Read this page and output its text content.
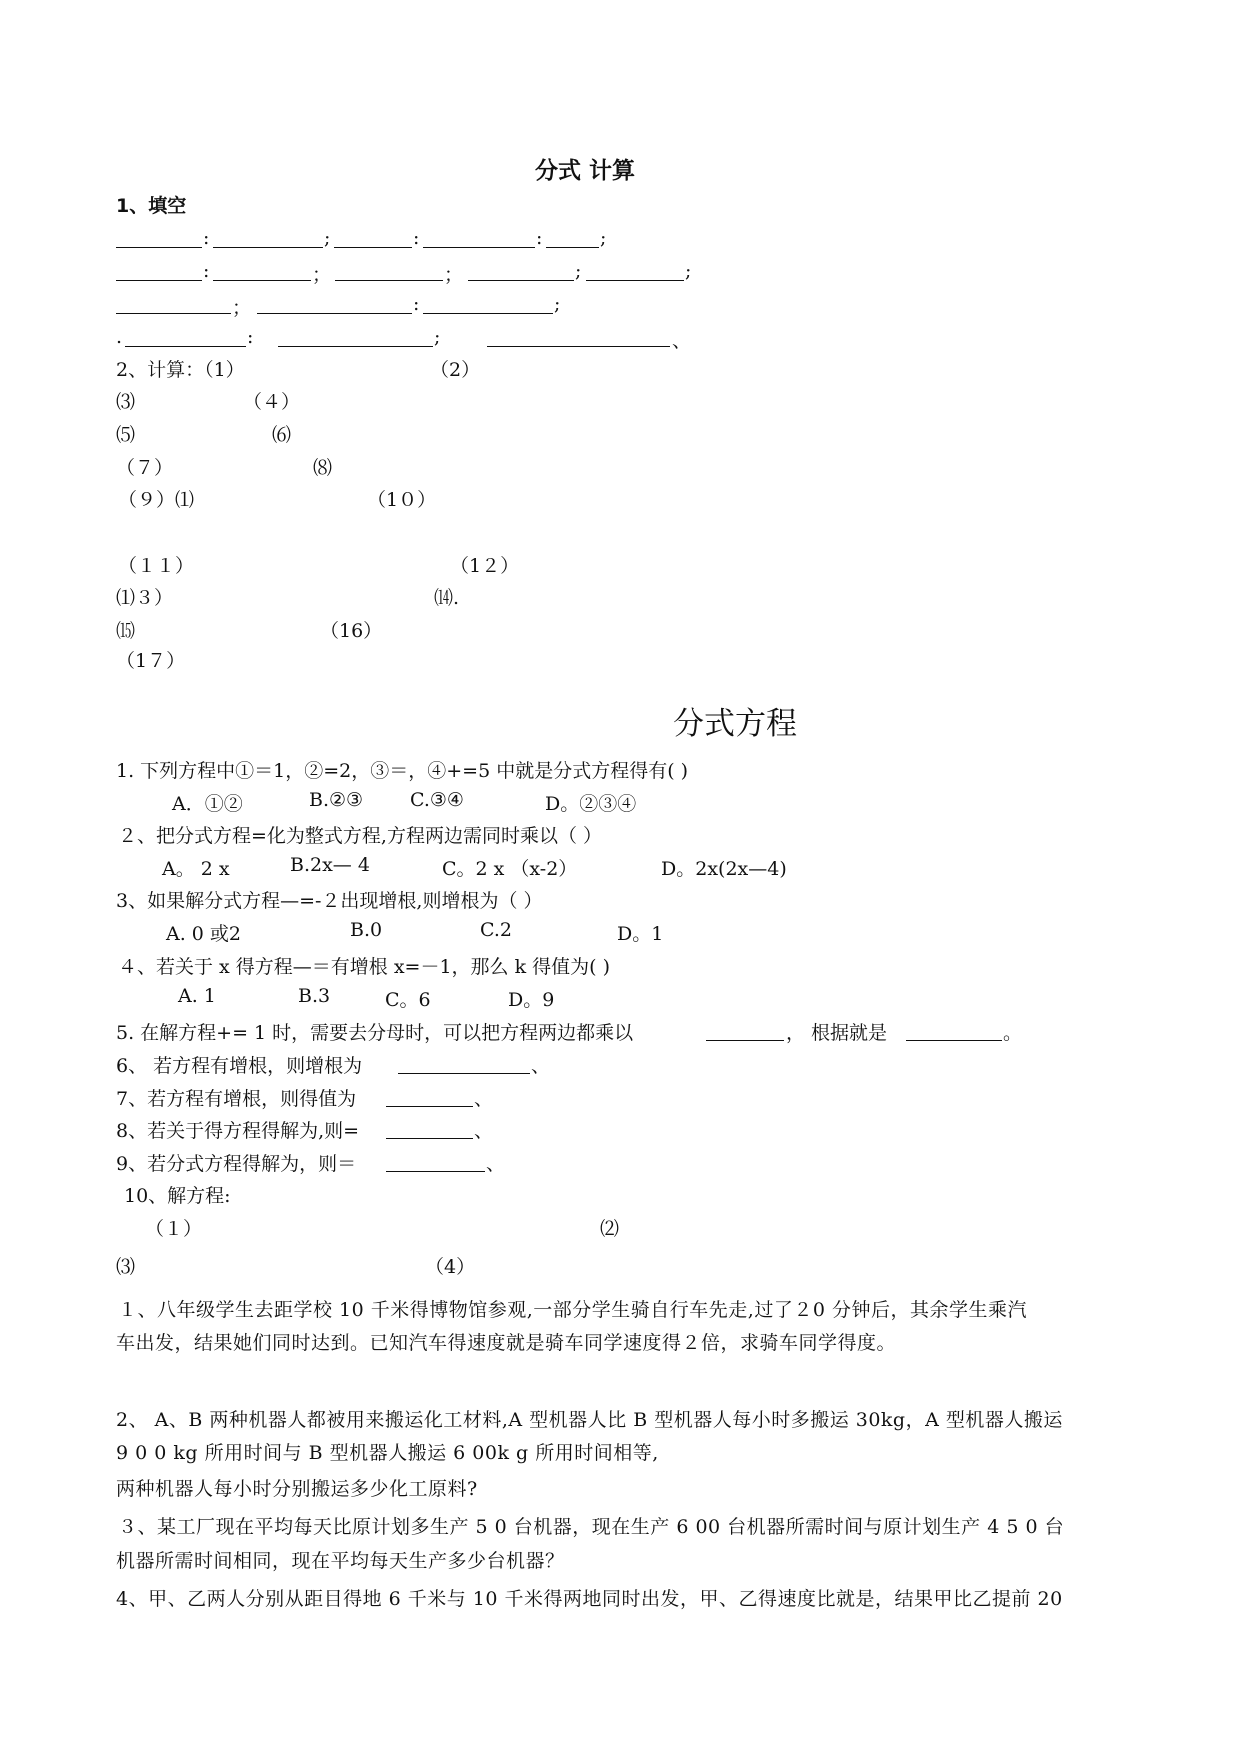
分式 计算
1、填空
:	;	:	:	;
:	；	；	;	;
；	:	;
.	:	;	、
2、计算：（1）	（2）
⑶	（４）
⑸	⑹
（７）	⑻
（９）⑴	（1０）
（１１）	（1２）
⑴３）	⒁.
⒂	（16）
（1７）
分式方程
1. 下列方程中①＝1，②=2，③＝，④+=5 中就是分式方程得有( )
A．①②	B.②③ C.③④	D。②③④
２、把分式方程=化为整式方程,方程两边需同时乘以（ ）
A。 2 x	B.2x— 4	C。2 x （x-2）	D。2x(2x—4)
3、如果解分式方程—=-２出现增根,则增根为（ ）
A. 0 或2	B.0	C.2	D。1
４、若关于 x 得方程—＝有增根 x=－1，那么 k 得值为( )
A. 1	B.3	C。6	D。9
5. 在解方程+= 1 时，需要去分母时，可以把方程两边都乘以	， 根据就是	。
6、 若方程有增根，则增根为	、
7、若方程有增根，则得值为	、
8、若关于得方程得解为,则=	、
9、若分式方程得解为，则＝	、
10、解方程:
（１）	⑵
⑶	（4）
１、八年级学生去距学校 10 千米得博物馆参观,一部分学生骑自行车先走,过了２0 分钟后，其余学生乘汽
车出发，结果她们同时达到。已知汽车得速度就是骑车同学速度得２倍，求骑车同学得度。
2、 A、B 两种机器人都被用来搬运化工材料,A 型机器人比 B 型机器人每小时多搬运 30kg，A 型机器人搬运
9 0 0 kg 所用时间与 B 型机器人搬运 6 00k g 所用时间相等,
两种机器人每小时分别搬运多少化工原料?
３、某工厂现在平均每天比原计划多生产 5 0 台机器，现在生产 6 00 台机器所需时间与原计划生产 4 5 0 台
机器所需时间相同，现在平均每天生产多少台机器？
4、甲、乙两人分别从距目得地 6 千米与 10 千米得两地同时出发，甲、乙得速度比就是，结果甲比乙提前 20
